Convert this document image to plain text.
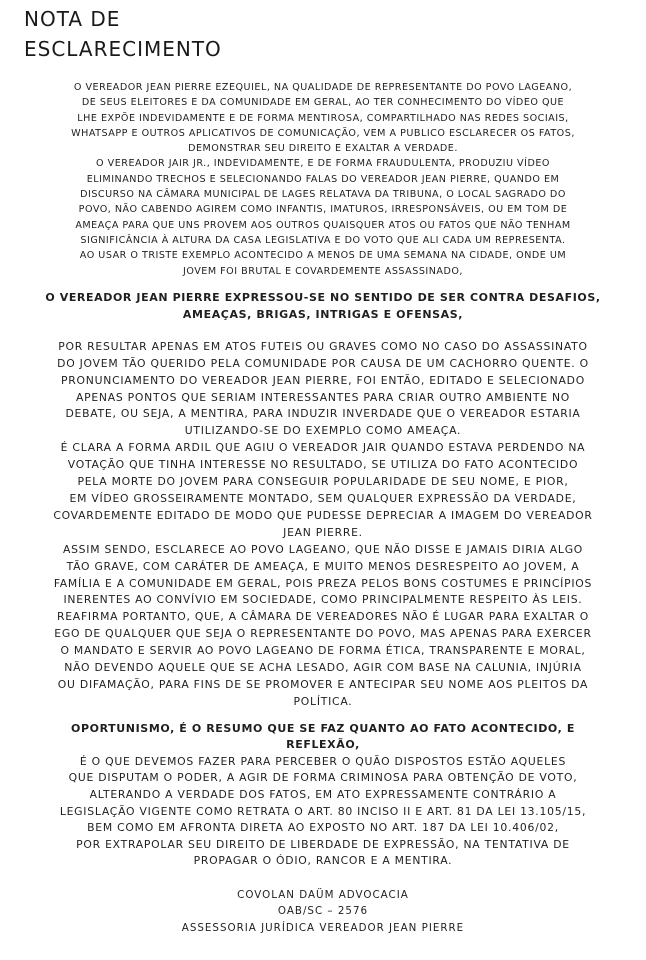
NOTA DE
ESCLARECIMENTO

O VEREADOR JEAN PIERRE EZEQUIEL, NA QUALIDADE DE REPRESENTANTE DO POVO LAGEANO,
DE SEUS ELEITORES E DA COMUNIDADE EM GERAL, AO TER CONHECIMENTO DO VÍDEO QUE
LHE EXPÕE INDEVIDAMENTE E DE FORMA MENTIROSA, COMPARTILHADO NAS REDES SOCIAIS,
WHATSAPP E OUTROS APLICATIVOS DE COMUNICAÇÃO, VEM A PUBLICO ESCLARECER OS FATOS,
DEMONSTRAR SEU DIREITO E EXALTAR A VERDADE.
O VEREADOR JAIR JR., INDEVIDAMENTE, E DE FORMA FRAUDULENTA, PRODUZIU VÍDEO
ELIMINANDO TRECHOS E SELECIONANDO FALAS DO VEREADOR JEAN PIERRE, QUANDO EM
DISCURSO NA CÂMARA MUNICIPAL DE LAGES RELATAVA DA TRIBUNA, O LOCAL SAGRADO DO
POVO, NÃO CABENDO AGIREM COMO INFANTIS, IMATUROS, IRRESPONSÁVEIS, OU EM TOM DE
AMEAÇA PARA QUE UNS PROVEM AOS OUTROS QUAISQUER ATOS OU FATOS QUE NÃO TENHAM
SIGNIFICÂNCIA À ALTURA DA CASA LEGISLATIVA E DO VOTO QUE ALI CADA UM REPRESENTA.
AO USAR O TRISTE EXEMPLO ACONTECIDO A MENOS DE UMA SEMANA NA CIDADE, ONDE UM
JOVEM FOI BRUTAL E COVARDEMENTE ASSASSINADO,

O VEREADOR JEAN PIERRE EXPRESSOU-SE NO SENTIDO DE SER CONTRA DESAFIOS,
AMEAÇAS, BRIGAS, INTRIGAS E OFENSAS,

POR RESULTAR APENAS EM ATOS FUTEIS OU GRAVES COMO NO CASO DO ASSASSINATO
DO JOVEM TÃO QUERIDO PELA COMUNIDADE POR CAUSA DE UM CACHORRO QUENTE. O
PRONUNCIAMENTO DO VEREADOR JEAN PIERRE, FOI ENTÃO, EDITADO E SELECIONADO
APENAS PONTOS QUE SERIAM INTERESSANTES PARA CRIAR OUTRO AMBIENTE NO
DEBATE, OU SEJA, A MENTIRA, PARA INDUZIR INVERDADE QUE O VEREADOR ESTARIA
UTILIZANDO-SE DO EXEMPLO COMO AMEAÇA.
É CLARA A FORMA ARDIL QUE AGIU O VEREADOR JAIR QUANDO ESTAVA PERDENDO NA
VOTAÇÃO QUE TINHA INTERESSE NO RESULTADO, SE UTILIZA DO FATO ACONTECIDO
PELA MORTE DO JOVEM PARA CONSEGUIR POPULARIDADE DE SEU NOME, E PIOR,
EM VÍDEO GROSSEIRAMENTE MONTADO, SEM QUALQUER EXPRESSÃO DA VERDADE,
COVARDEMENTE EDITADO DE MODO QUE PUDESSE DEPRECIAR A IMAGEM DO VEREADOR
JEAN PIERRE.
ASSIM SENDO, ESCLARECE AO POVO LAGEANO, QUE NÃO DISSE E JAMAIS DIRIA ALGO
TÃO GRAVE, COM CARÁTER DE AMEAÇA, E MUITO MENOS DESRESPEITO AO JOVEM, A
FAMÍLIA E A COMUNIDADE EM GERAL, POIS PREZA PELOS BONS COSTUMES E PRINCÍPIOS
INERENTES AO CONVÍVIO EM SOCIEDADE, COMO PRINCIPALMENTE RESPEITO ÀS LEIS.
REAFIRMA PORTANTO, QUE, A CÂMARA DE VEREADORES NÃO É LUGAR PARA EXALTAR O
EGO DE QUALQUER QUE SEJA O REPRESENTANTE DO POVO, MAS APENAS PARA EXERCER
O MANDATO E SERVIR AO POVO LAGEANO DE FORMA ÉTICA, TRANSPARENTE E MORAL,
NÃO DEVENDO AQUELE QUE SE ACHA LESADO, AGIR COM BASE NA CALUNIA, INJÚRIA
OU DIFAMAÇÃO, PARA FINS DE SE PROMOVER E ANTECIPAR SEU NOME AOS PLEITOS DA
POLÍTICA.

OPORTUNISMO, É O RESUMO QUE SE FAZ QUANTO AO FATO ACONTECIDO, E
REFLEXÃO,

É O QUE DEVEMOS FAZER PARA PERCEBER O QUÃO DISPOSTOS ESTÃO AQUELES
QUE DISPUTAM O PODER, A AGIR DE FORMA CRIMINOSA PARA OBTENÇÃO DE VOTO,
ALTERANDO A VERDADE DOS FATOS, EM ATO EXPRESSAMENTE CONTRÁRIO A
LEGISLAÇÃO VIGENTE COMO RETRATA O ART. 80 INCISO II E ART. 81 DA LEI 13.105/15,
BEM COMO EM AFRONTA DIRETA AO EXPOSTO NO ART. 187 DA LEI 10.406/02,
POR EXTRAPOLAR SEU DIREITO DE LIBERDADE DE EXPRESSÃO, NA TENTATIVA DE
PROPAGAR O ÓDIO, RANCOR E A MENTIRA.

COVOLAN DAÜM ADVOCACIA
OAB/SC – 2576
ASSESSORIA JURÍDICA VEREADOR JEAN PIERRE
